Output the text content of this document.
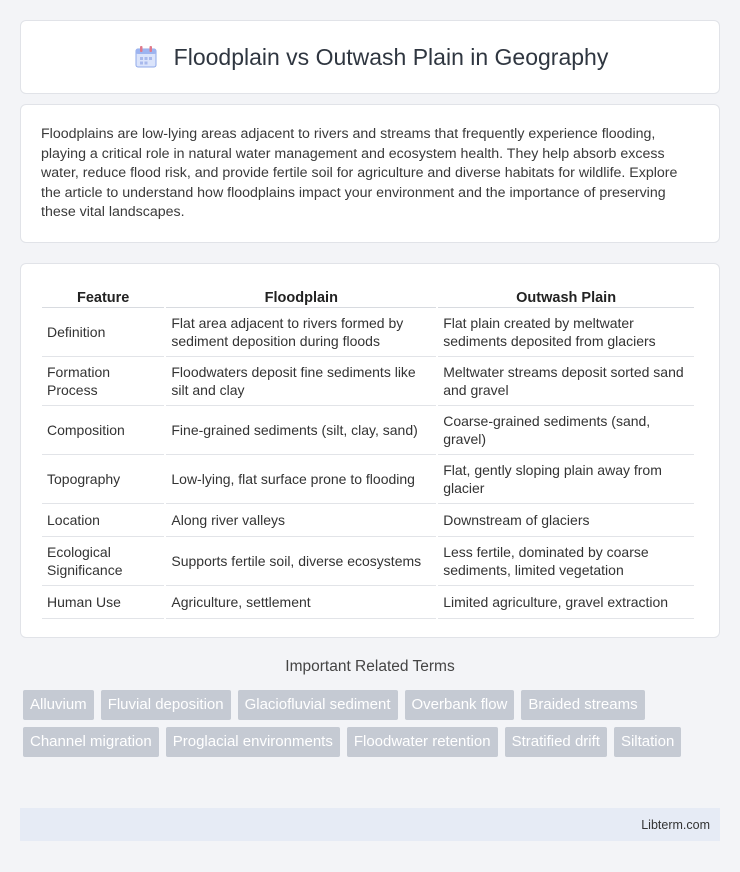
Floodplain vs Outwash Plain in Geography

Floodplains are low-lying areas adjacent to rivers and streams that frequently experience flooding, playing a critical role in natural water management and ecosystem health. They help absorb excess water, reduce flood risk, and provide fertile soil for agriculture and diverse habitats for wildlife. Explore the article to understand how floodplains impact your environment and the importance of preserving these vital landscapes.

Feature	Floodplain	Outwash Plain
Definition	Flat area adjacent to rivers formed by sediment deposition during floods	Flat plain created by meltwater sediments deposited from glaciers
Formation Process	Floodwaters deposit fine sediments like silt and clay	Meltwater streams deposit sorted sand and gravel
Composition	Fine-grained sediments (silt, clay, sand)	Coarse-grained sediments (sand, gravel)
Topography	Low-lying, flat surface prone to flooding	Flat, gently sloping plain away from glacier
Location	Along river valleys	Downstream of glaciers
Ecological Significance	Supports fertile soil, diverse ecosystems	Less fertile, dominated by coarse sediments, limited vegetation
Human Use	Agriculture, settlement	Limited agriculture, gravel extraction
Important Related Terms
Alluvium	Fluvial deposition	Glaciofluvial sediment	Overbank flow	Braided streams
Channel migration	Proglacial environments	Floodwater retention	Stratified drift	Siltation
Libterm.com
